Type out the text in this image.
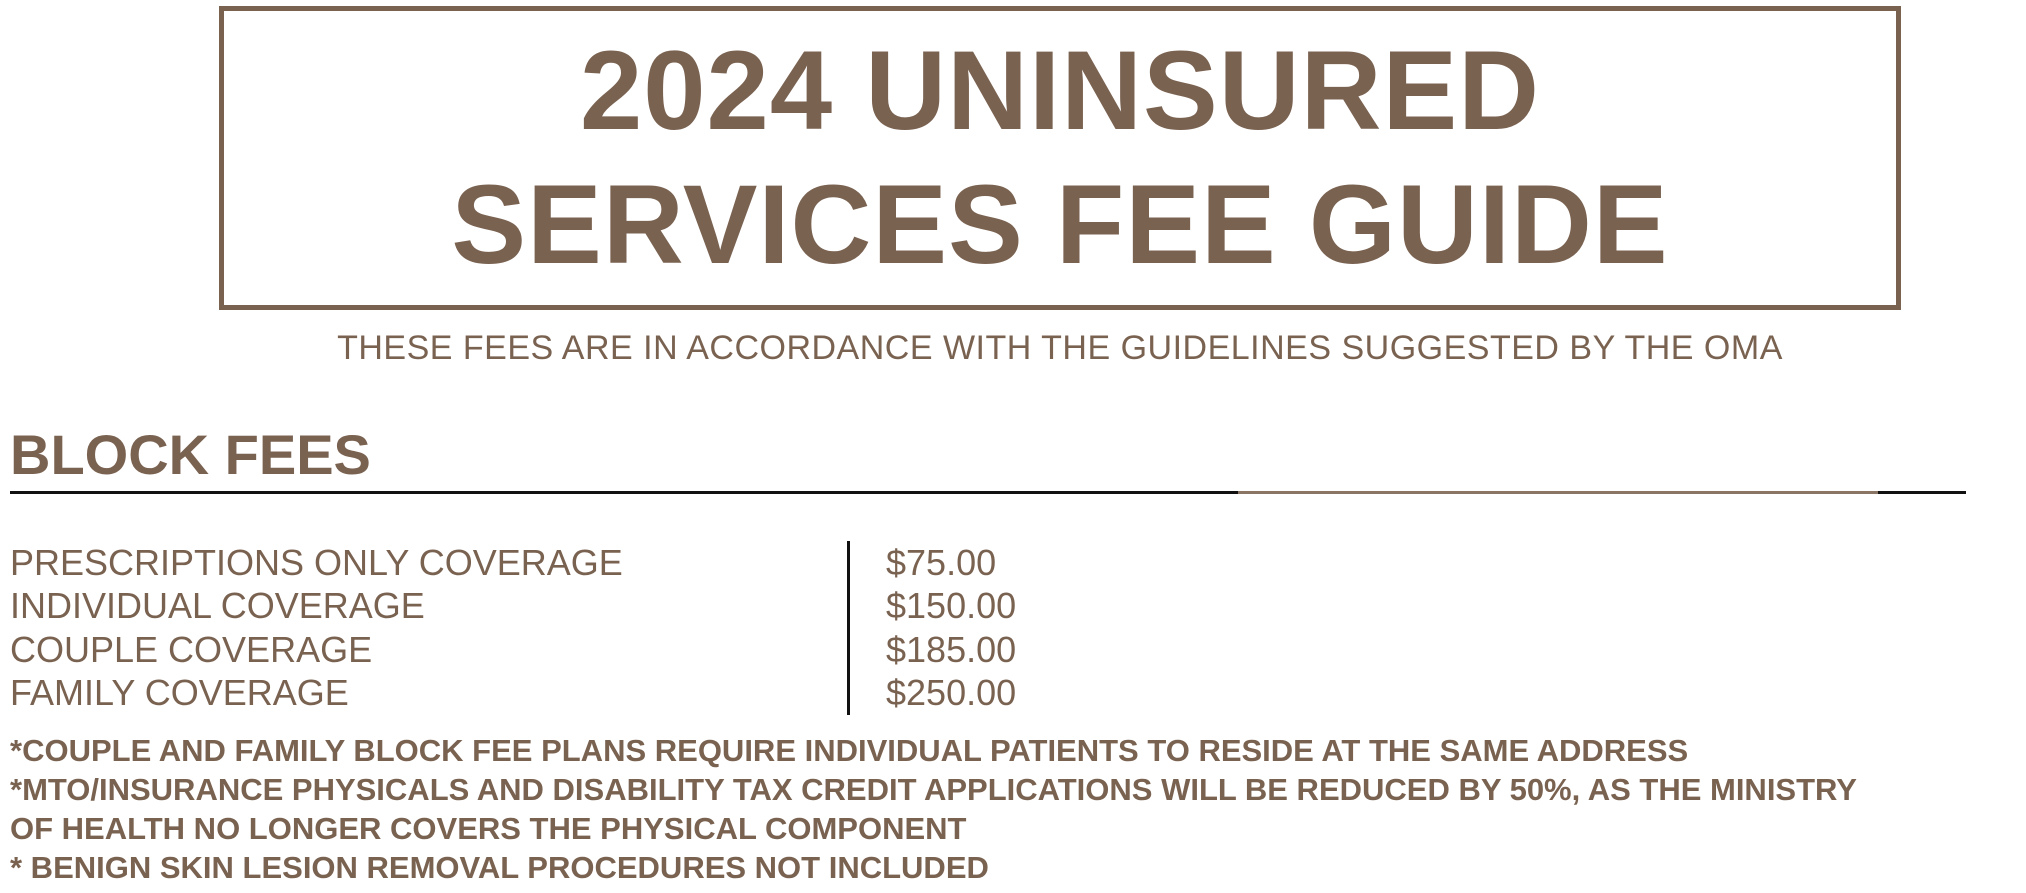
2024 UNINSURED
SERVICES FEE GUIDE
THESE FEES ARE IN ACCORDANCE WITH THE GUIDELINES SUGGESTED BY THE OMA
BLOCK FEES
PRESCRIPTIONS ONLY COVERAGE	$75.00
INDIVIDUAL COVERAGE	$150.00
COUPLE COVERAGE	$185.00
FAMILY COVERAGE	$250.00
*COUPLE AND FAMILY BLOCK FEE PLANS REQUIRE INDIVIDUAL PATIENTS TO RESIDE AT THE SAME ADDRESS
*MTO/INSURANCE PHYSICALS AND DISABILITY TAX CREDIT APPLICATIONS WILL BE REDUCED BY 50%, AS THE MINISTRY
OF HEALTH NO LONGER COVERS THE PHYSICAL COMPONENT
* BENIGN SKIN LESION REMOVAL PROCEDURES NOT INCLUDED
